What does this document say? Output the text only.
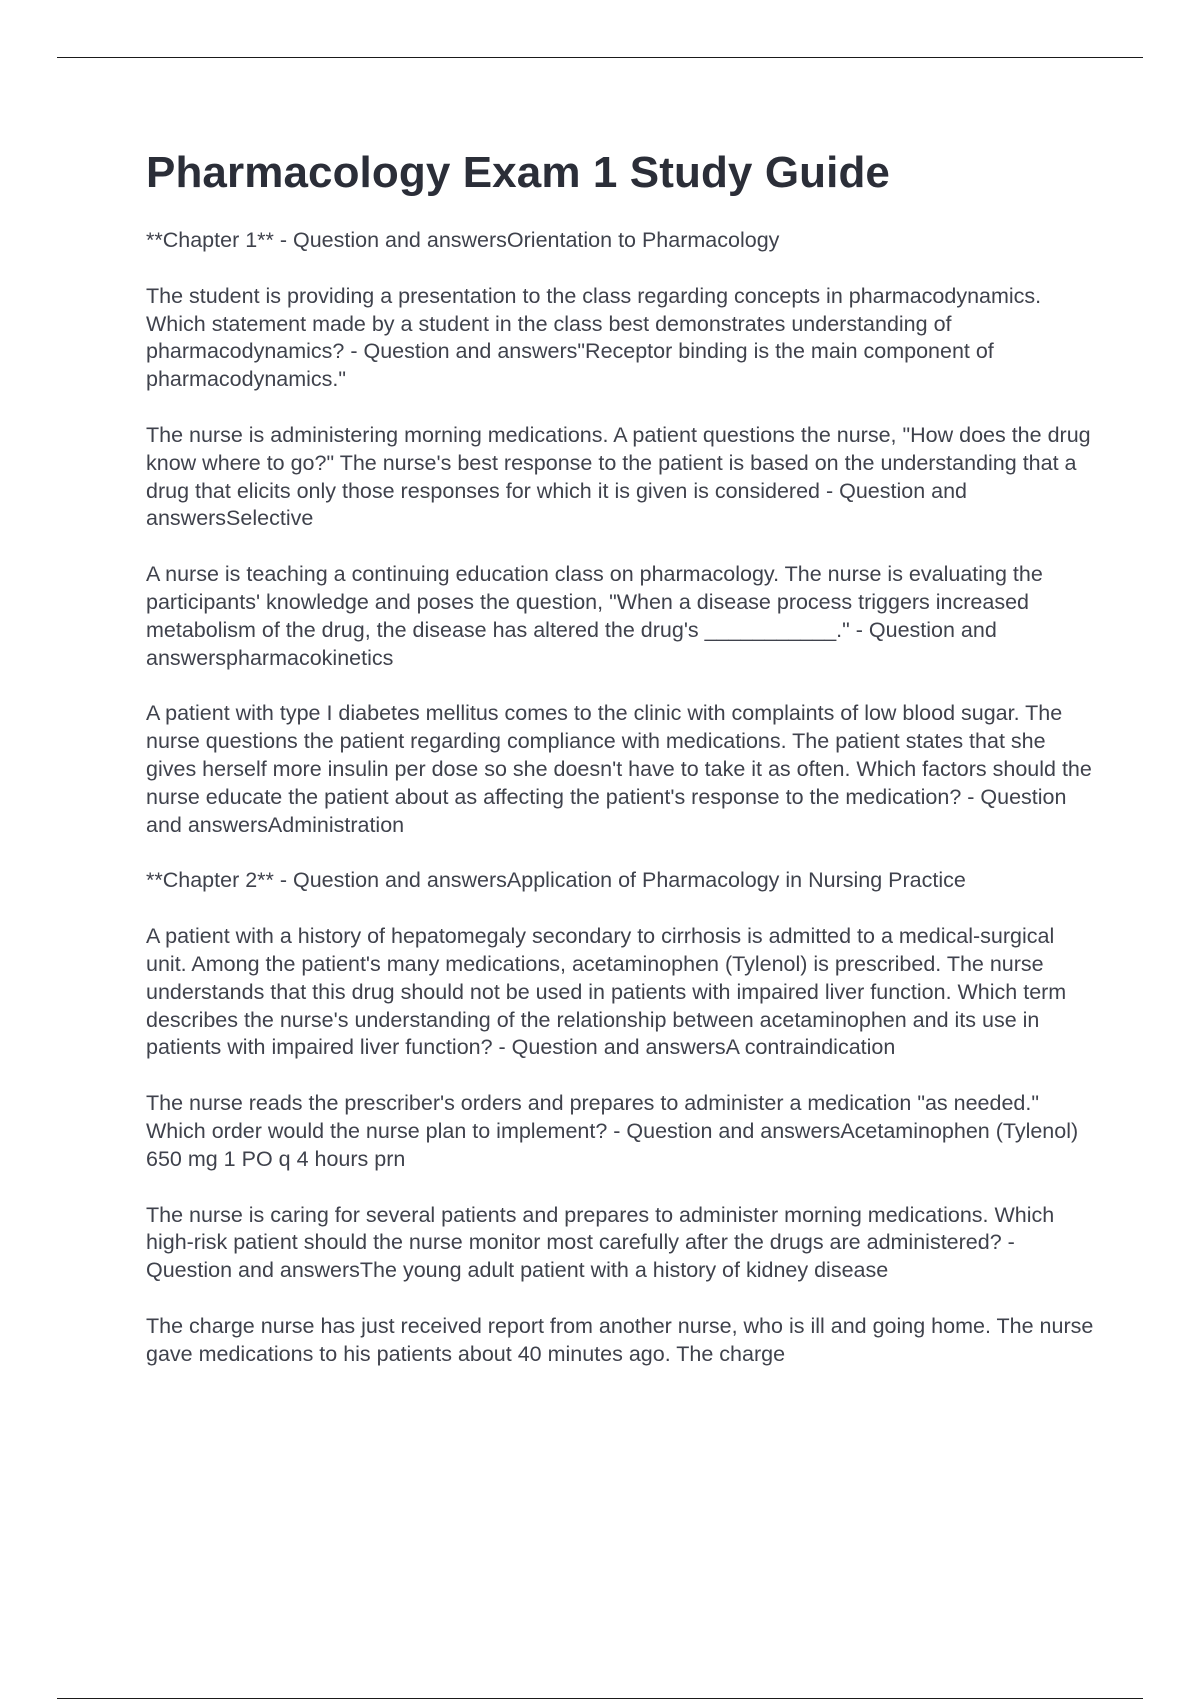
Pharmacology Exam 1 Study Guide

**Chapter 1** - Question and answersOrientation to Pharmacology

The student is providing a presentation to the class regarding concepts in pharmacodynamics. Which statement made by a student in the class best demonstrates understanding of pharmacodynamics? - Question and answers"Receptor binding is the main component of pharmacodynamics."

The nurse is administering morning medications. A patient questions the nurse, "How does the drug know where to go?" The nurse's best response to the patient is based on the understanding that a drug that elicits only those responses for which it is given is considered - Question and answersSelective

A nurse is teaching a continuing education class on pharmacology. The nurse is evaluating the participants' knowledge and poses the question, "When a disease process triggers increased metabolism of the drug, the disease has altered the drug's ___________." - Question and answerspharmacokinetics

A patient with type I diabetes mellitus comes to the clinic with complaints of low blood sugar. The nurse questions the patient regarding compliance with medications. The patient states that she gives herself more insulin per dose so she doesn't have to take it as often. Which factors should the nurse educate the patient about as affecting the patient's response to the medication? - Question and answersAdministration

**Chapter 2** - Question and answersApplication of Pharmacology in Nursing Practice

A patient with a history of hepatomegaly secondary to cirrhosis is admitted to a medical-surgical unit. Among the patient's many medications, acetaminophen (Tylenol) is prescribed. The nurse understands that this drug should not be used in patients with impaired liver function. Which term describes the nurse's understanding of the relationship between acetaminophen and its use in patients with impaired liver function? - Question and answersA contraindication

The nurse reads the prescriber's orders and prepares to administer a medication "as needed." Which order would the nurse plan to implement? - Question and answersAcetaminophen (Tylenol) 650 mg 1 PO q 4 hours prn

The nurse is caring for several patients and prepares to administer morning medications. Which high-risk patient should the nurse monitor most carefully after the drugs are administered? - Question and answersThe young adult patient with a history of kidney disease

The charge nurse has just received report from another nurse, who is ill and going home. The nurse gave medications to his patients about 40 minutes ago. The charge
